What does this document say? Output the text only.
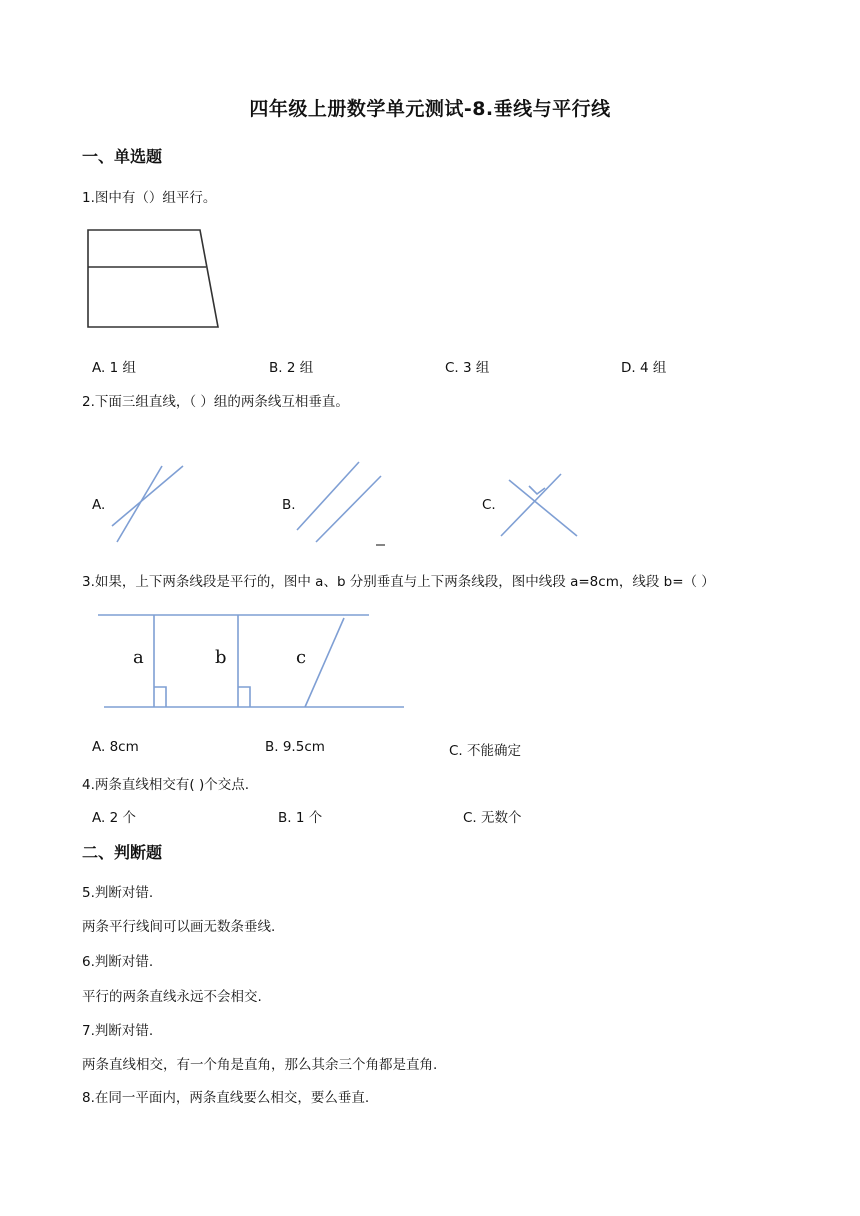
四年级上册数学单元测试-8.垂线与平行线
一、单选题
1.图中有（）组平行。
A. 1 组	B. 2 组	C. 3 组	D. 4 组
2.下面三组直线，（ ）组的两条线互相垂直。
A.	B.	C.
3.如果，上下两条线段是平行的，图中 a、b 分别垂直与上下两条线段，图中线段 a=8cm，线段 b=（ ）
a	b	c
A. 8cm	B. 9.5cm	C. 不能确定
4.两条直线相交有( )个交点.
A. 2 个	B. 1 个	C. 无数个
二、判断题
5.判断对错.
两条平行线间可以画无数条垂线.
6.判断对错.
平行的两条直线永远不会相交.
7.判断对错.
两条直线相交，有一个角是直角，那么其余三个角都是直角.
8.在同一平面内，两条直线要么相交，要么垂直.
